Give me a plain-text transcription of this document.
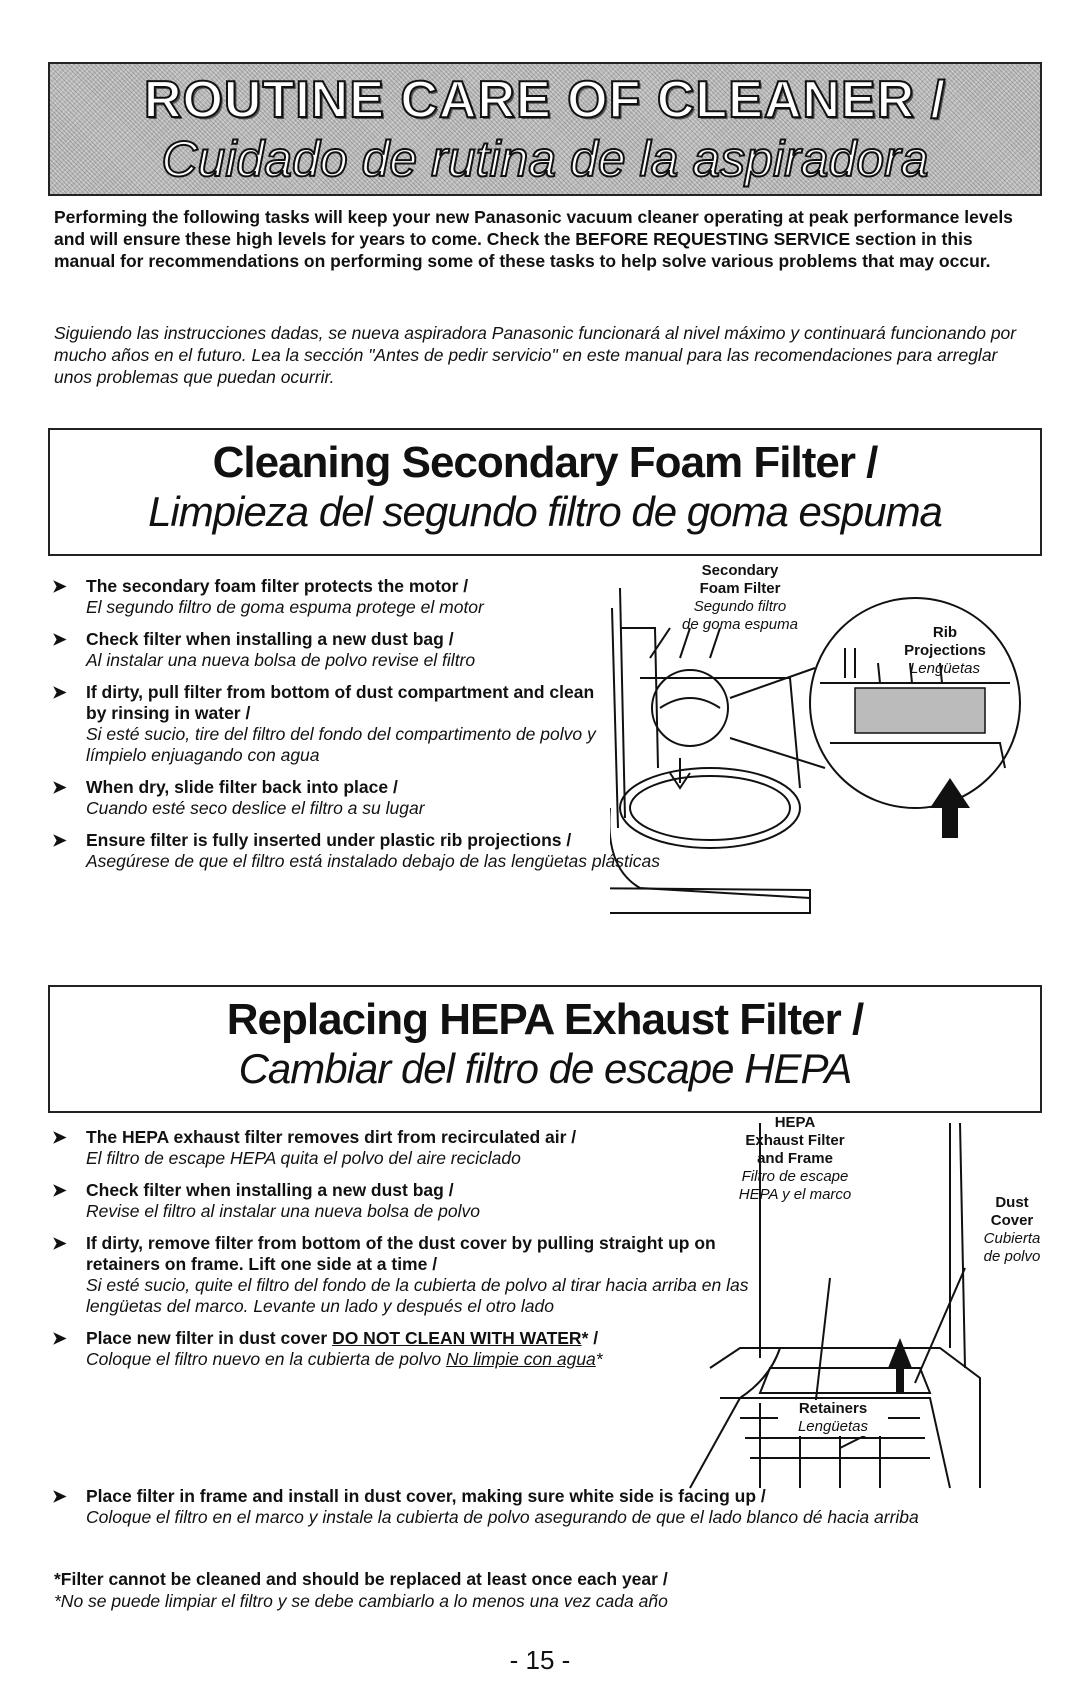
ROUTINE CARE OF CLEANER /
Cuidado de rutina de la aspiradora
Performing the following tasks will keep your new Panasonic vacuum cleaner operating at peak performance levels and will ensure these high levels for years to come. Check the BEFORE REQUESTING SERVICE section in this manual for recommendations on performing some of these tasks to help solve various problems that may occur.
Siguiendo las instrucciones dadas, se nueva aspiradora Panasonic funcionará al nivel máximo y continuará funcionando por mucho años en el futuro. Lea la sección "Antes de pedir servicio" en este manual para las recomendaciones para arreglar unos problemas que puedan ocurrir.
Cleaning Secondary Foam Filter /
Limpieza del segundo filtro de goma espuma
➤ The secondary foam filter protects the motor /
El segundo filtro de goma espuma protege el motor
➤ Check filter when installing a new dust bag /
Al instalar una nueva bolsa de polvo revise el filtro
➤ If dirty, pull filter from bottom of dust compartment and clean by rinsing in water /
Si esté sucio, tire del filtro del fondo del compartimento de polvo y límpielo enjuagando con agua
➤ When dry, slide filter back into place /
Cuando esté seco deslice el filtro a su lugar
➤ Ensure filter is fully inserted under plastic rib projections /
Asegúrese de que el filtro está instalado debajo de las lengüetas plásticas
Secondary
Foam Filter
Segundo filtro
de goma espuma	Rib
Projections
Lengüetas
Replacing HEPA Exhaust Filter /
Cambiar del filtro de escape HEPA
➤ The HEPA exhaust filter removes dirt from recirculated air /
El filtro de escape HEPA quita el polvo del aire reciclado
➤ Check filter when installing a new dust bag /
Revise el filtro al instalar una nueva bolsa de polvo
➤ If dirty, remove filter from bottom of the dust cover by pulling straight up on retainers on frame. Lift one side at a time /
Si esté sucio, quite el filtro del fondo de la cubierta de polvo al tirar hacia arriba en las lengüetas del marco. Levante un lado y después el otro lado
➤ Place new filter in dust cover DO NOT CLEAN WITH WATER* /
Coloque el filtro nuevo en la cubierta de polvo No limpie con agua*
➤ Place filter in frame and install in dust cover, making sure white side is facing up /
Coloque el filtro en el marco y instale la cubierta de polvo asegurando de que el lado blanco dé hacia arriba
HEPA
Exhaust Filter
and Frame
Filtro de escape
HEPA y el marco	Dust
Cover
Cubierta
de polvo
Retainers
Lengüetas
*Filter cannot be cleaned and should be replaced at least once each year /
*No se puede limpiar el filtro y se debe cambiarlo a lo menos una vez cada año
- 15 -
